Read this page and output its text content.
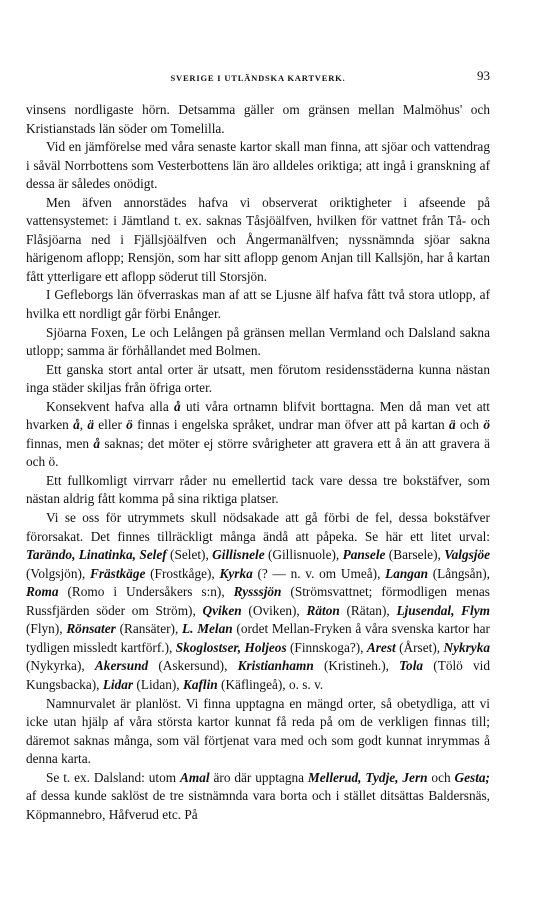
SVERIGE I UTLÄNDSKA KARTVERK.	93

vinsens nordligaste hörn. Detsamma gäller om gränsen mellan Malmöhus' och Kristianstads län söder om Tomelilla.

Vid en jämförelse med våra senaste kartor skall man finna, att sjöar och vattendrag i såväl Norrbottens som Vesterbottens län äro alldeles oriktiga; att ingå i granskning af dessa är således onödigt.

Men äfven annorstädes hafva vi observerat oriktigheter i afseende på vattensystemet: i Jämtland t. ex. saknas Tåsjöälfven, hvilken för vattnet från Tå- och Flåsjöarna ned i Fjällsjöälfven och Ångermanälfven; nyssnämnda sjöar sakna härigenom aflopp; Rensjön, som har sitt aflopp genom Anjan till Kallsjön, har å kartan fått ytterligare ett aflopp söderut till Storsjön.

I Gefleborgs län öfverraskas man af att se Ljusne älf hafva fått två stora utlopp, af hvilka ett nordligt går förbi Enånger.

Sjöarna Foxen, Le och Lelången på gränsen mellan Vermland och Dalsland sakna utlopp; samma är förhållandet med Bolmen.

Ett ganska stort antal orter är utsatt, men förutom residensstäderna kunna nästan inga städer skiljas från öfriga orter.

Konsekvent hafva alla å uti våra ortnamn blifvit borttagna. Men då man vet att hvarken å, ä eller ö finnas i engelska språket, undrar man öfver att på kartan ä och ö finnas, men å saknas; det möter ej större svårigheter att gravera ett å än att gravera ä och ö.

Ett fullkomligt virrvarr råder nu emellertid tack vare dessa tre bokstäfver, som nästan aldrig fått komma på sina riktiga platser.

Vi se oss för utrymmets skull nödsakade att gå förbi de fel, dessa bokstäfver förorsakat. Det finnes tillräckligt många ändå att påpeka. Se här ett litet urval: Tarändo, Linatinka, Selef (Selet), Gillisnele (Gillisnuole), Pansele (Barsele), Valgsjöe (Volgsjön), Frästkäge (Frostkåge), Kyrka (? — n. v. om Umeå), Langan (Långsån), Roma (Romo i Undersåkers s:n), Rysssjön (Strömsvattnet; förmodligen menas Russfjärden söder om Ström), Qviken (Oviken), Räton (Rätan), Ljusendal, Flym (Flyn), Rönsater (Ransäter), L. Melan (ordet Mellan-Fryken å våra svenska kartor har tydligen missledt kartförf.), Skoglostser, Holjeos (Finnskoga?), Arest (Årset), Nykryka (Nykyrka), Akersund (Askersund), Kristianhamn (Kristineh.), Tola (Tölö vid Kungsbacka), Lidar (Lidan), Kaflin (Käflingeå), o. s. v.

Namnurvalet är planlöst. Vi finna upptagna en mängd orter, så obetydliga, att vi icke utan hjälp af våra största kartor kunnat få reda på om de verkligen finnas till; däremot saknas många, som väl förtjenat vara med och som godt kunnat inrymmas å denna karta.

Se t. ex. Dalsland: utom Amal äro där upptagna Mellerud, Tydje, Jern och Gesta; af dessa kunde saklöst de tre sistnämnda vara borta och i stället ditsättas Baldersnäs, Köpmannebro, Håfverud etc. På
